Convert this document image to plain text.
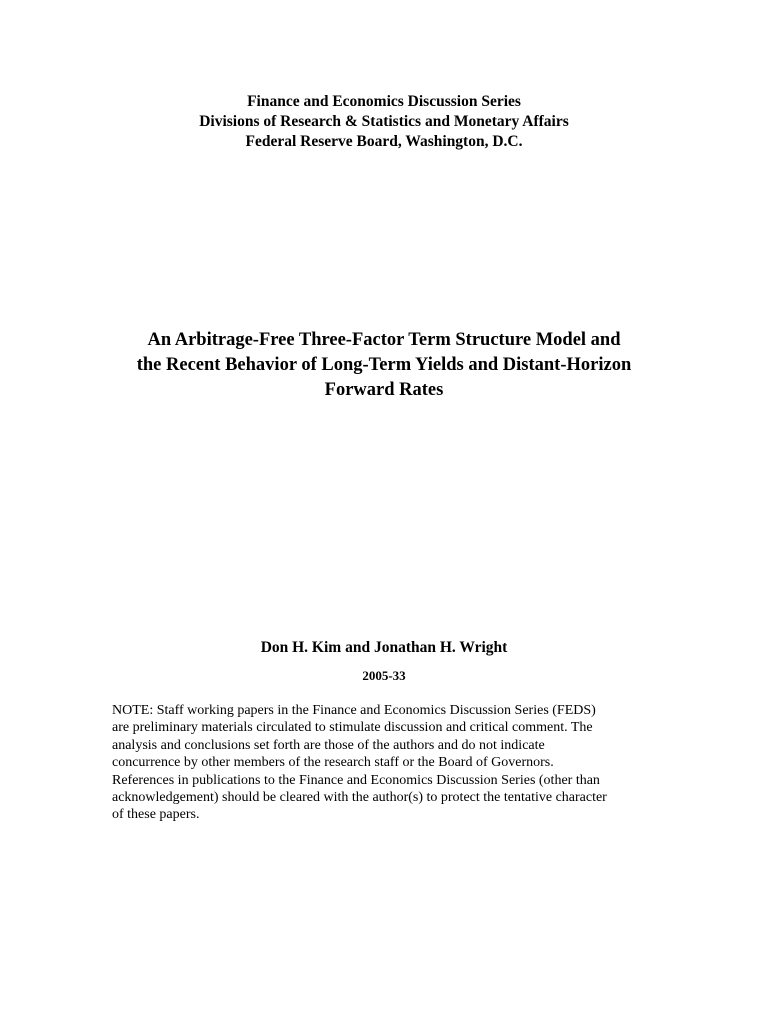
Finance and Economics Discussion Series
Divisions of Research & Statistics and Monetary Affairs
Federal Reserve Board, Washington, D.C.
An Arbitrage-Free Three-Factor Term Structure Model and
the Recent Behavior of Long-Term Yields and Distant-Horizon
Forward Rates
Don H. Kim and Jonathan H. Wright
2005-33
NOTE: Staff working papers in the Finance and Economics Discussion Series (FEDS)
are preliminary materials circulated to stimulate discussion and critical comment. The
analysis and conclusions set forth are those of the authors and do not indicate
concurrence by other members of the research staff or the Board of Governors.
References in publications to the Finance and Economics Discussion Series (other than
acknowledgement) should be cleared with the author(s) to protect the tentative character
of these papers.
